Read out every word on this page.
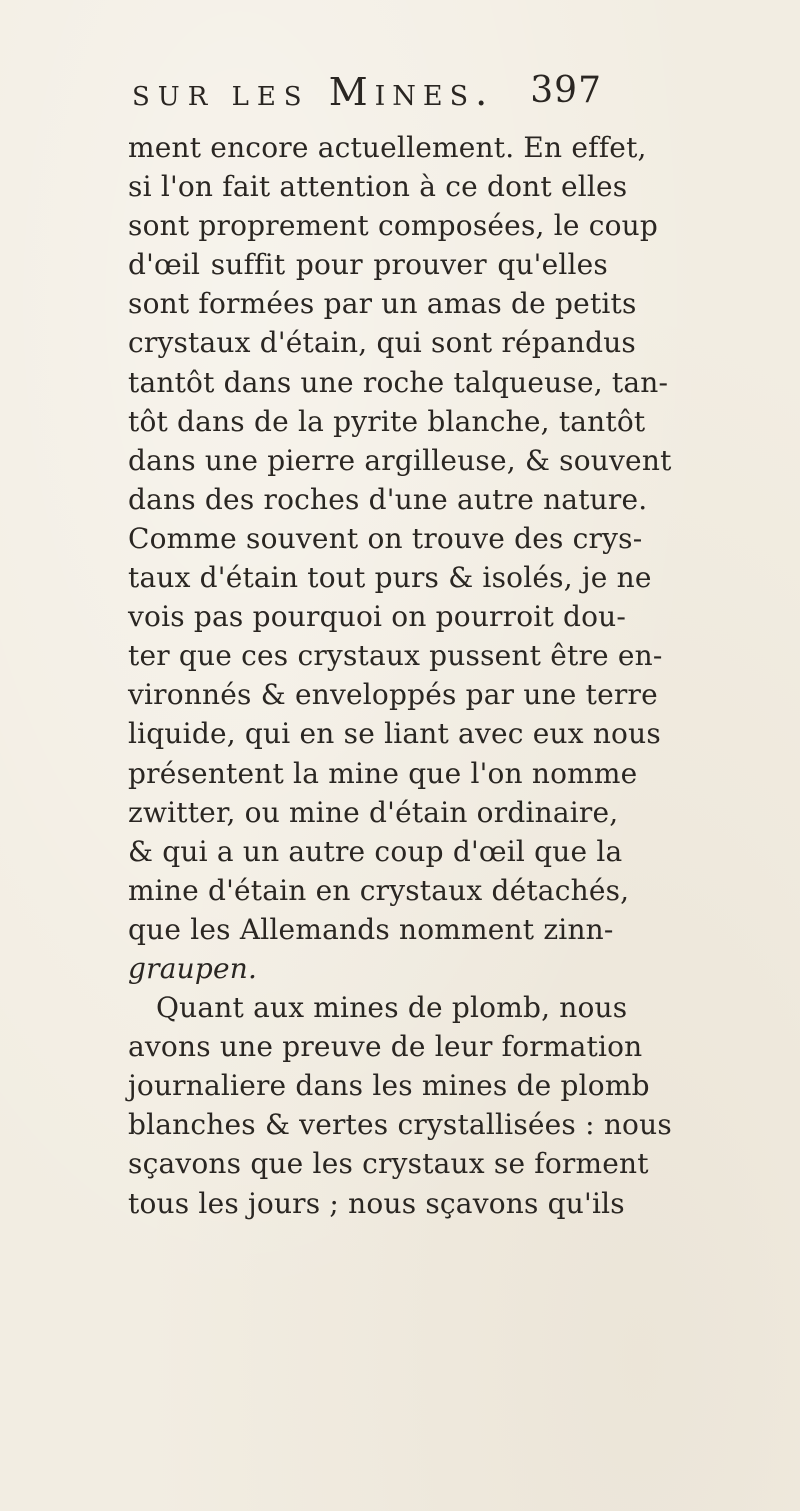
SUR LES Mines. 397
ment encore actuellement. En effet,
si l'on fait attention à ce dont elles
sont proprement composées, le coup
d'œil suffit pour prouver qu'elles
sont formées par un amas de petits
crystaux d'étain, qui sont répandus
tantôt dans une roche talqueuse, tan-
tôt dans de la pyrite blanche, tantôt
dans une pierre argilleuse, & souvent
dans des roches d'une autre nature.
Comme souvent on trouve des crys-
taux d'étain tout purs & isolés, je ne
vois pas pourquoi on pourroit dou-
ter que ces crystaux pussent être en-
vironnés & enveloppés par une terre
liquide, qui en se liant avec eux nous
présentent la mine que l'on nomme
zwitter, ou mine d'étain ordinaire,
& qui a un autre coup d'œil que la
mine d'étain en crystaux détachés,
que les Allemands nomment zinn-
graupen.
Quant aux mines de plomb, nous
avons une preuve de leur formation
journaliere dans les mines de plomb
blanches & vertes crystallisées : nous
sçavons que les crystaux se forment
tous les jours ; nous sçavons qu'ils
